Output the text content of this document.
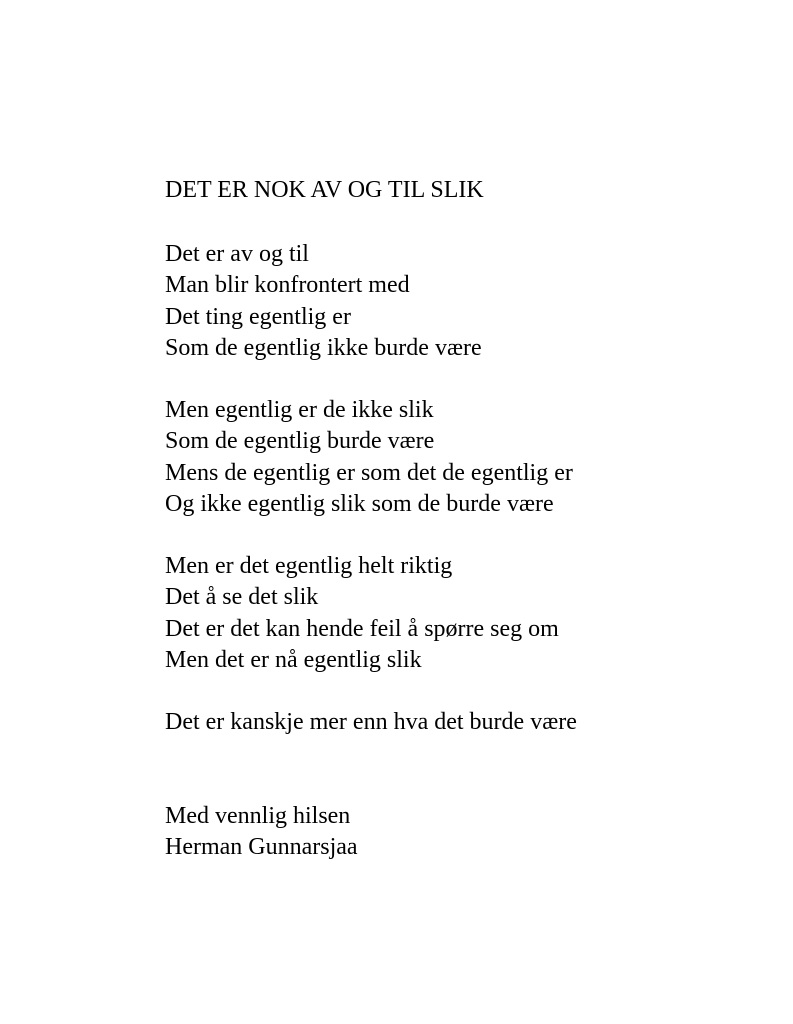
DET ER NOK AV OG TIL SLIK
Det er av og til
Man blir konfrontert med
Det ting egentlig er
Som de egentlig ikke burde være
Men egentlig er de ikke slik
Som de egentlig burde være
Mens de egentlig er som det de egentlig er
Og ikke egentlig slik som de burde være
Men er det egentlig helt riktig
Det å se det slik
Det er det kan hende feil å spørre seg om
Men det er nå egentlig slik
Det er kanskje mer enn hva det burde være
Med vennlig hilsen
Herman Gunnarsjaa
